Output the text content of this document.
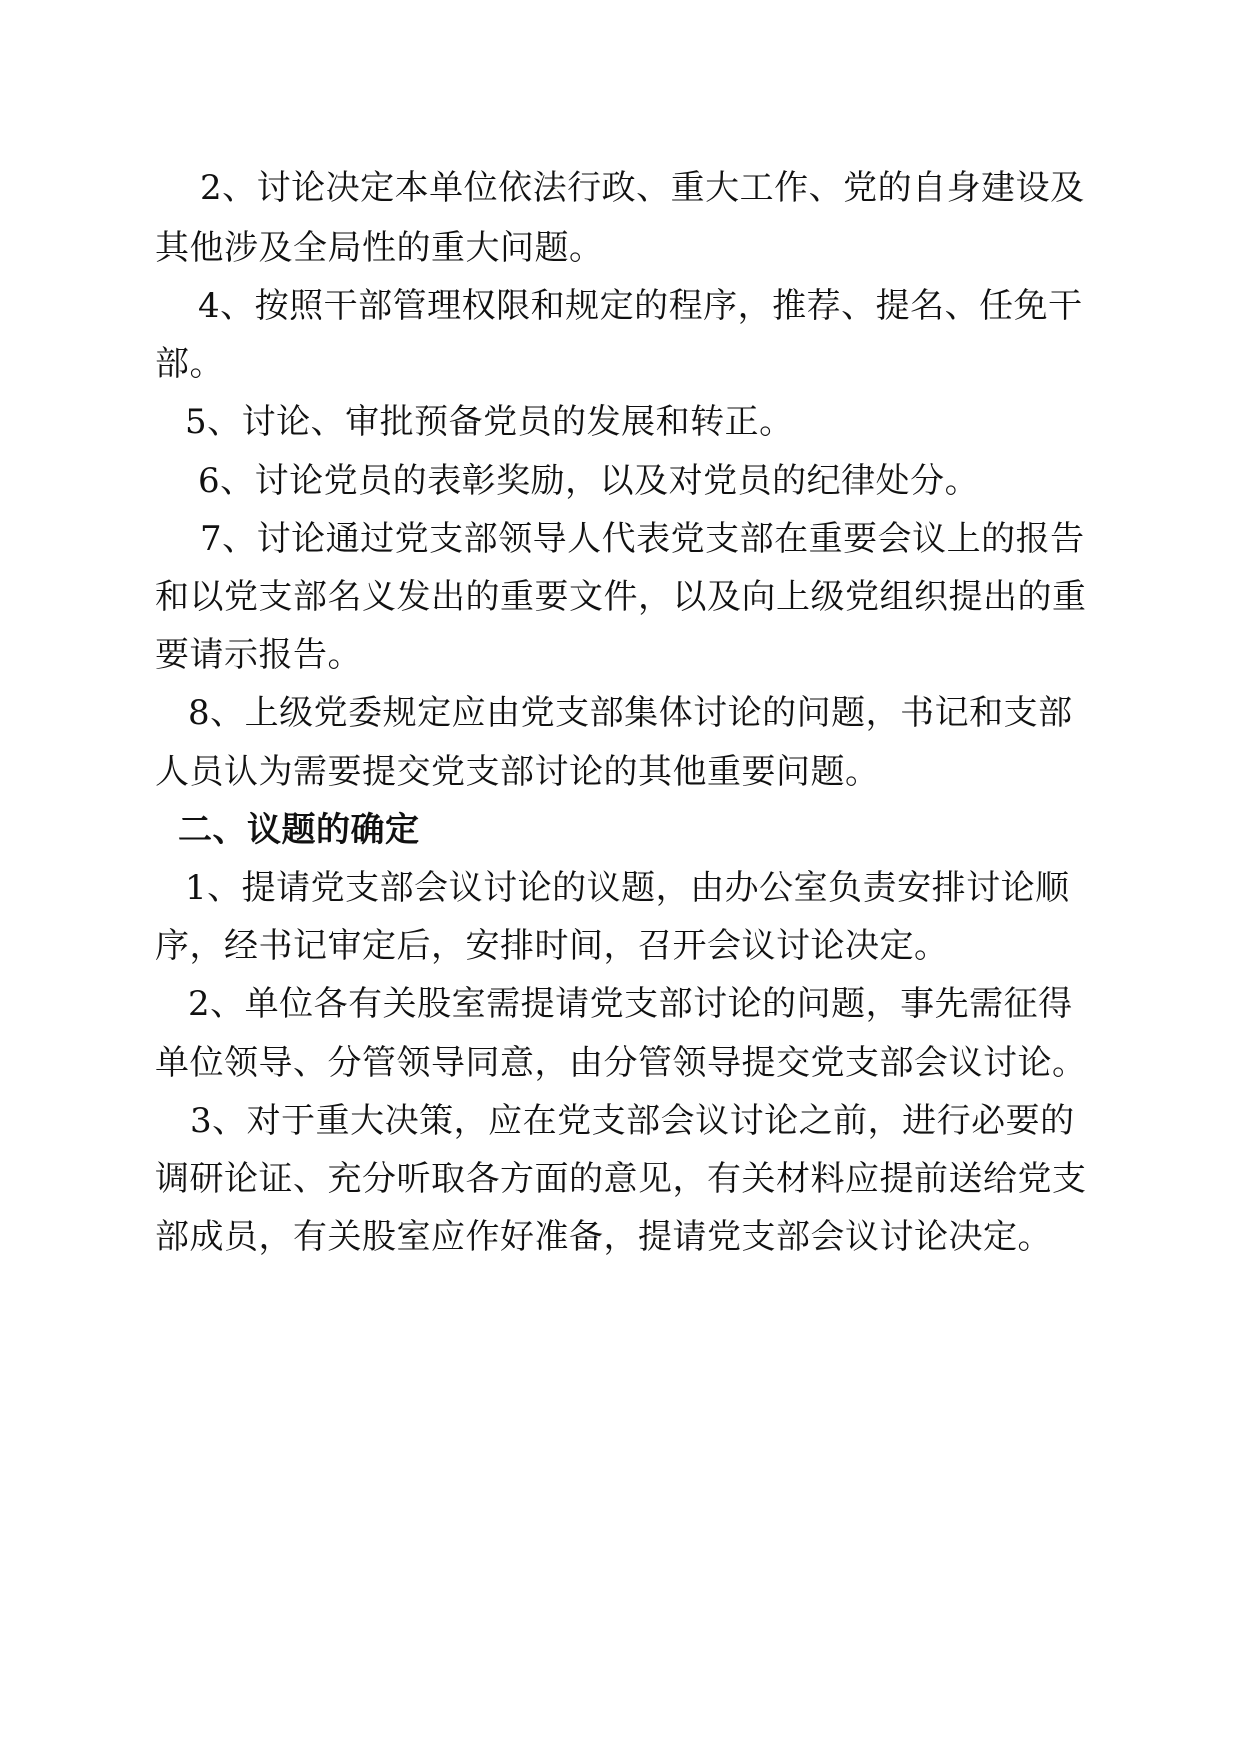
2、讨论决定本单位依法行政、重大工作、党的自身建设及
其他涉及全局性的重大问题。
4、按照干部管理权限和规定的程序，推荐、提名、任免干
部。
5、讨论、审批预备党员的发展和转正。
6、讨论党员的表彰奖励，以及对党员的纪律处分。
7、讨论通过党支部领导人代表党支部在重要会议上的报告
和以党支部名义发出的重要文件，以及向上级党组织提出的重
要请示报告。
8、上级党委规定应由党支部集体讨论的问题，书记和支部
人员认为需要提交党支部讨论的其他重要问题。
二、议题的确定
1、提请党支部会议讨论的议题，由办公室负责安排讨论顺
序，经书记审定后，安排时间，召开会议讨论决定。
2、单位各有关股室需提请党支部讨论的问题，事先需征得
单位领导、分管领导同意，由分管领导提交党支部会议讨论。
3、对于重大决策，应在党支部会议讨论之前，进行必要的
调研论证、充分听取各方面的意见，有关材料应提前送给党支
部成员，有关股室应作好准备，提请党支部会议讨论决定。
